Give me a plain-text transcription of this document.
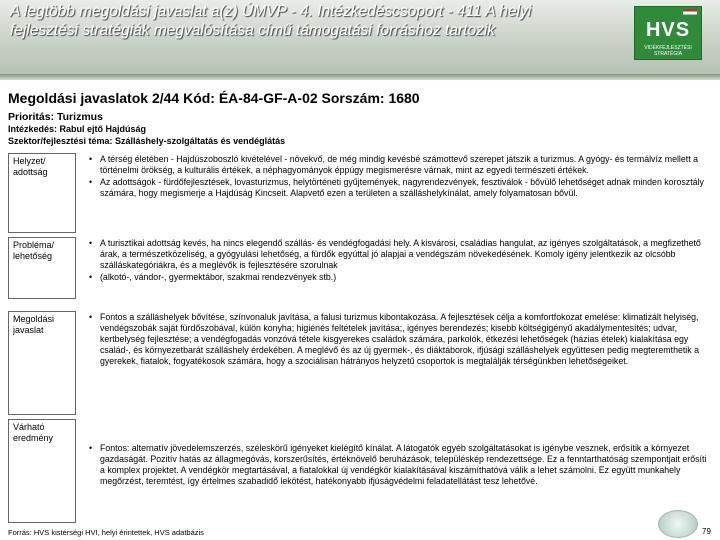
A legtöbb megoldási javaslat a(z) ÚMVP - 4. Intézkedéscsoport - 411 A helyi fejlesztési stratégiák megvalósítása című támogatási forráshoz tartozik	HVS
VIDÉKFEJLESZTÉSI STRATÉGIA
Megoldási javaslatok 2/44 Kód: ÉA-84-GF-A-02 Sorszám: 1680
Prioritás: Turizmus
Intézkedés: Rabul ejtő Hajdúság
Szektor/fejlesztési téma: Szálláshely-szolgáltatás és vendéglátás
Helyzet/ adottság
• A térség életében - Hajdúszoboszló kivételével - növekvő, de még mindig kevésbé számottevő szerepet játszik a turizmus. A gyógy- és termálvíz mellett a történelmi örökség, a kulturális értékek, a néphagyományok éppúgy megismerésre várnak, mint az egyedi természeti értékek.
• Az adottságok - fürdőfejlesztések, lovasturizmus, helytörténeti gyűjtemények, nagyrendezvények, fesztiválok - bővülő lehetőséget adnak minden korosztály számára, hogy megismerje a Hajdúság Kincseit. Alapvető ezen a területen a szálláshelykínálat, amely folyamatosan bővül.
Probléma/ lehetőség
• A turisztikai adottság kevés, ha nincs elegendő szállás- és vendégfogadási hely. A kisvárosi, családias hangulat, az igényes szolgáltatások, a megfizethető árak, a természetközeliség, a gyógyulási lehetőség, a fürdők egyúttal jó alapjai a vendégszám növekedésének. Komoly igény jelentkezik az olcsóbb szálláskategóriákra, és a meglévők is fejlesztésére szorulnak
• (alkotó-, vándor-, gyermektábor, szakmai rendezvények stb.)
Megoldási javaslat
• Fontos a szálláshelyek bővítése, színvonaluk javítása, a falusi turizmus kibontakozása. A fejlesztések célja a komfortfokozat emelése: klimatizált helyiség, vendégszobák saját fürdőszobával, külön konyha; higiénés feltételek javítása;, igényes berendezés; kisebb költségigényű akadálymentesítés; udvar, kertbelység fejlesztése; a vendégfogadás vonzóvá tétele kisgyerekes családok számára, parkolók, étkezési lehetőségek (házias ételek) kialakítása egy család-, és környezetbarát szálláshely érdekében. A meglévő és az új gyermek-, és diáktáborok, ifjúsági szálláshelyek együttesen pedig megteremthetik a gyerekek, fiatalok, fogyatékosok számára, hogy a szociálisan hátrányos helyzetű csoportok is megtalálják térségünkben lehetőségeiket.
Várható eredmény
• Fontos: alternatív jövedelemszerzés, széleskörű igényeket kielégítő kínálat. A látogatók egyéb szolgáltatásokat is igénybe vesznek, erősítik a környezet gazdaságát. Pozitív hatás az állagmegóvás, korszerűsítés, értéknövelő beruházások, településkép rendezettsége. Ez a fenntarthatóság szempontjait erősíti a komplex projektet. A vendégkör megtartásával, a fiatalokkal új vendégkör kialakításával kiszámíthatóvá válik a lehet számolni. Ez együtt munkahely megőrzést, teremtést, így értelmes szabadidő lekötést, hatékonyabb ifjúságvédelmi feladatellátást tesz lehetővé.
Forrás: HVS kistérségi HVI, helyi érintettek, HVS adatbázis	79
